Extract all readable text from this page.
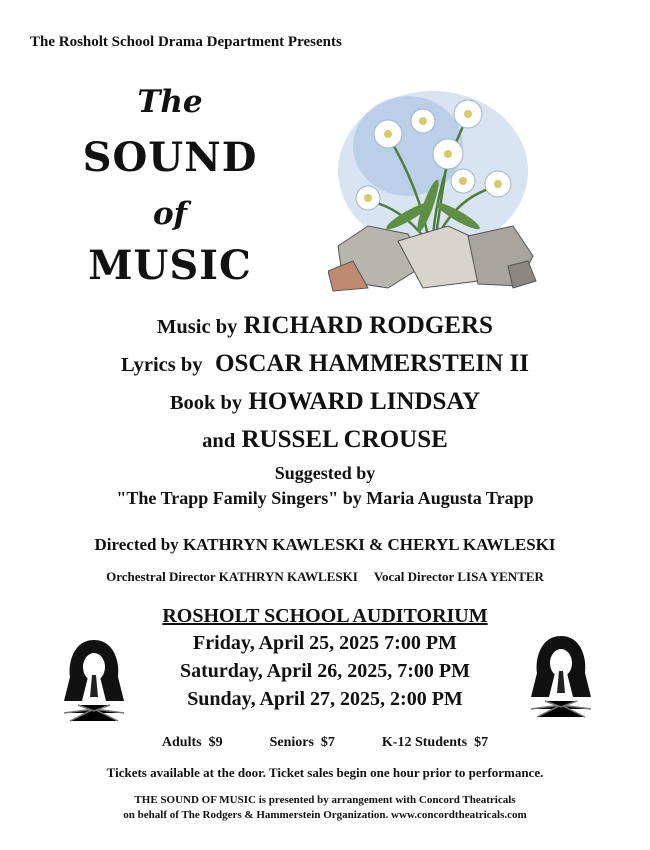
The Rosholt School Drama Department Presents
The
SOUND
of
MUSIC
Music by RICHARD RODGERS
Lyrics by OSCAR HAMMERSTEIN II
Book by HOWARD LINDSAY
and RUSSEL CROUSE
Suggested by
"The Trapp Family Singers" by Maria Augusta Trapp
Directed by KATHRYN KAWLESKI & CHERYL KAWLESKI
Orchestral Director KATHRYN KAWLESKI Vocal Director LISA YENTER
ROSHOLT SCHOOL AUDITORIUM
Friday, April 25, 2025 7:00 PM
Saturday, April 26, 2025, 7:00 PM
Sunday, April 27, 2025, 2:00 PM
Adults $9	Seniors $7	K-12 Students $7
Tickets available at the door. Ticket sales begin one hour prior to performance.
THE SOUND OF MUSIC is presented by arrangement with Concord Theatricals
on behalf of The Rodgers & Hammerstein Organization. www.concordtheatricals.com
